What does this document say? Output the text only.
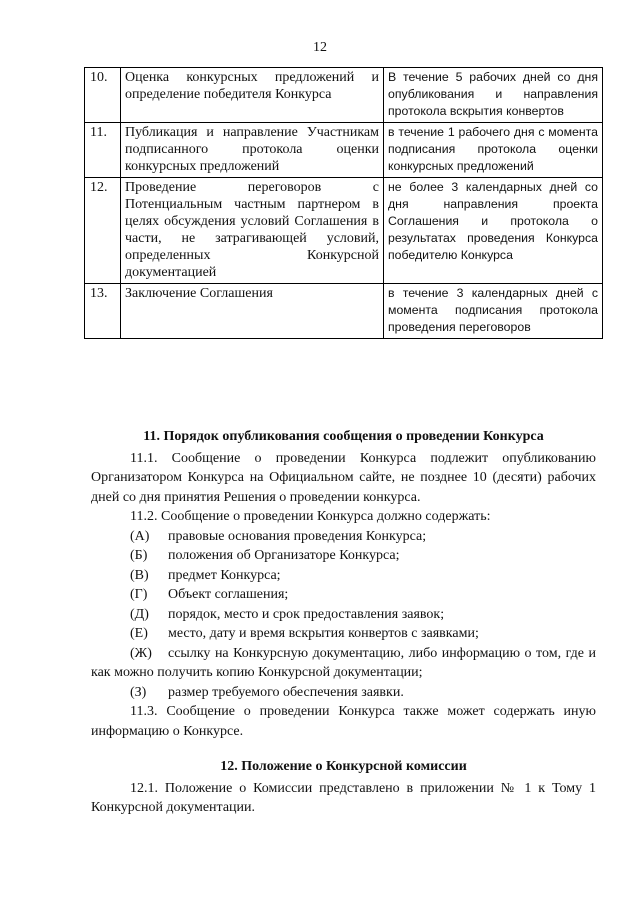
12
10.	Оценка конкурсных предложений и определение победителя Конкурса	В течение 5 рабочих дней со дня опубликования и направления протокола вскрытия конвертов
11.	Публикация и направление Участникам подписанного протокола оценки конкурсных предложений	в течение 1 рабочего дня с момента подписания протокола оценки конкурсных предложений
12.	Проведение переговоров с Потенциальным частным партнером в целях обсуждения условий Соглашения в части, не затрагивающей условий, определенных Конкурсной документацией	не более 3 календарных дней со дня направления проекта Соглашения и протокола о результатах проведения Конкурса победителю Конкурса
13.	Заключение Соглашения	в течение 3 календарных дней с момента подписания протокола проведения переговоров
11. Порядок опубликования сообщения о проведении Конкурса

11.1. Сообщение о проведении Конкурса подлежит опубликованию Организатором Конкурса на Официальном сайте, не позднее 10 (десяти) рабочих дней со дня принятия Решения о проведении конкурса.

11.2. Сообщение о проведении Конкурса должно содержать:

(А)	правовые основания проведения Конкурса;
(Б)	положения об Организаторе Конкурса;
(В)	предмет Конкурса;
(Г)	Объект соглашения;
(Д)	порядок, место и срок предоставления заявок;
(Е)	место, дату и время вскрытия конвертов с заявками;
(Ж) ссылку на Конкурсную документацию, либо информацию о том, где и как можно получить копию Конкурсной документации;
(З)	размер требуемого обеспечения заявки.

11.3. Сообщение о проведении Конкурса также может содержать иную информацию о Конкурсе.

12. Положение о Конкурсной комиссии

12.1. Положение о Комиссии представлено в приложении № 1 к Тому 1 Конкурсной документации.
